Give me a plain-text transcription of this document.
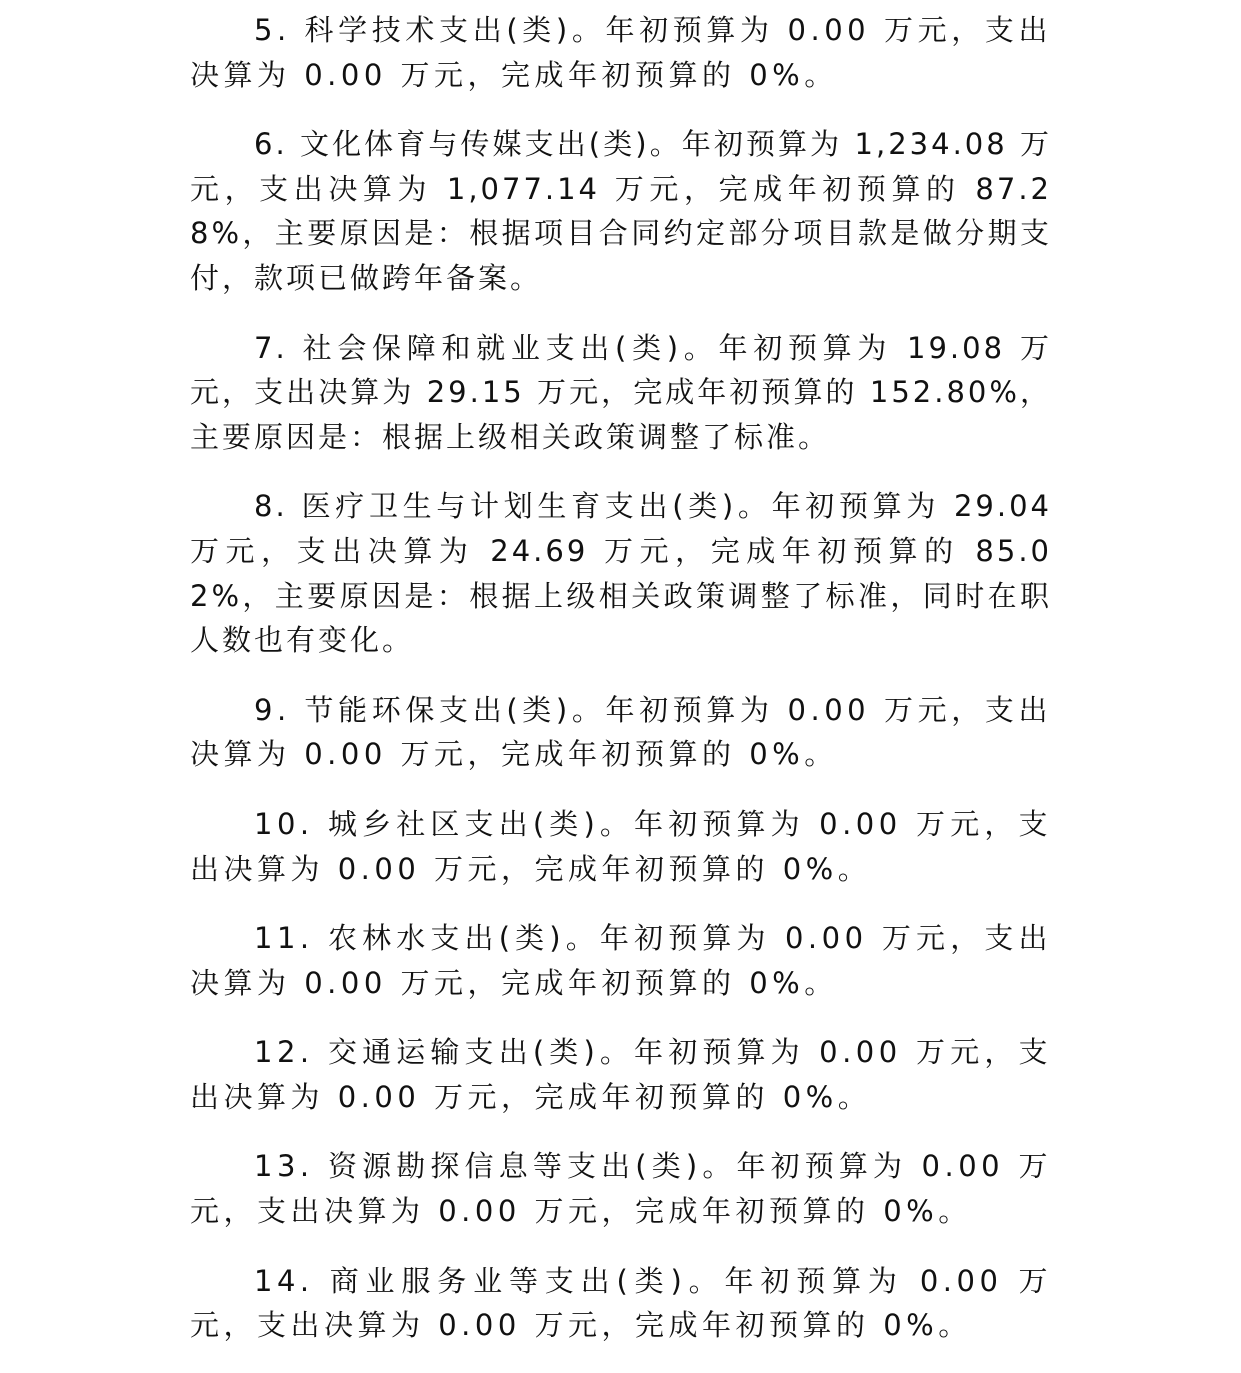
5. 科学技术支出(类)。年初预算为 0.00 万元，支出决算为 0.00 万元，完成年初预算的 0%。

6. 文化体育与传媒支出(类)。年初预算为 1,234.08 万元，支出决算为 1,077.14 万元，完成年初预算的 87.28%，主要原因是：根据项目合同约定部分项目款是做分期支付，款项已做跨年备案。

7. 社会保障和就业支出(类)。年初预算为 19.08 万元，支出决算为 29.15 万元，完成年初预算的 152.80%，主要原因是：根据上级相关政策调整了标准。

8. 医疗卫生与计划生育支出(类)。年初预算为 29.04 万元，支出决算为 24.69 万元，完成年初预算的 85.02%，主要原因是：根据上级相关政策调整了标准，同时在职人数也有变化。

9. 节能环保支出(类)。年初预算为 0.00 万元，支出决算为 0.00 万元，完成年初预算的 0%。

10. 城乡社区支出(类)。年初预算为 0.00 万元，支出决算为 0.00 万元，完成年初预算的 0%。

11. 农林水支出(类)。年初预算为 0.00 万元，支出决算为 0.00 万元，完成年初预算的 0%。

12. 交通运输支出(类)。年初预算为 0.00 万元，支出决算为 0.00 万元，完成年初预算的 0%。

13. 资源勘探信息等支出(类)。年初预算为 0.00 万元，支出决算为 0.00 万元，完成年初预算的 0%。

14. 商业服务业等支出(类)。年初预算为 0.00 万元，支出决算为 0.00 万元，完成年初预算的 0%。
